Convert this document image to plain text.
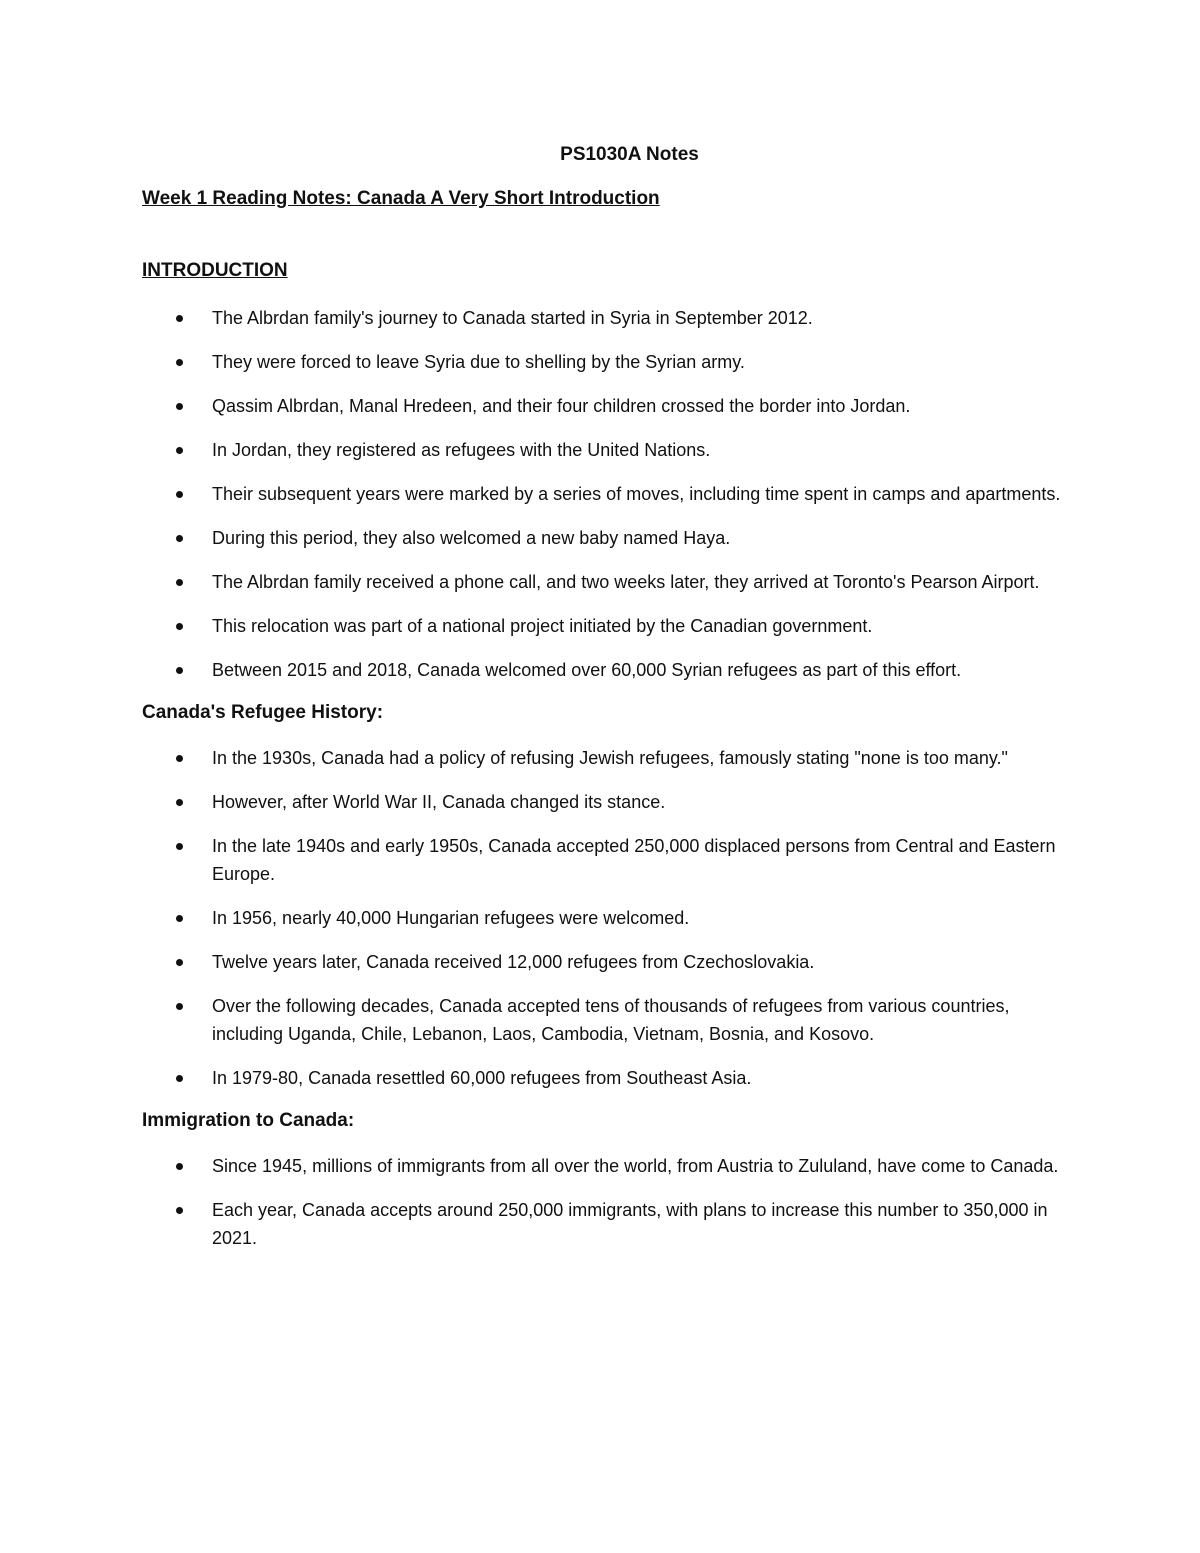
PS1030A Notes
Week 1 Reading Notes: Canada A Very Short Introduction
INTRODUCTION
The Albrdan family's journey to Canada started in Syria in September 2012.
They were forced to leave Syria due to shelling by the Syrian army.
Qassim Albrdan, Manal Hredeen, and their four children crossed the border into Jordan.
In Jordan, they registered as refugees with the United Nations.
Their subsequent years were marked by a series of moves, including time spent in camps and apartments.
During this period, they also welcomed a new baby named Haya.
The Albrdan family received a phone call, and two weeks later, they arrived at Toronto's Pearson Airport.
This relocation was part of a national project initiated by the Canadian government.
Between 2015 and 2018, Canada welcomed over 60,000 Syrian refugees as part of this effort.
Canada's Refugee History:
In the 1930s, Canada had a policy of refusing Jewish refugees, famously stating "none is too many."
However, after World War II, Canada changed its stance.
In the late 1940s and early 1950s, Canada accepted 250,000 displaced persons from Central and Eastern Europe.
In 1956, nearly 40,000 Hungarian refugees were welcomed.
Twelve years later, Canada received 12,000 refugees from Czechoslovakia.
Over the following decades, Canada accepted tens of thousands of refugees from various countries, including Uganda, Chile, Lebanon, Laos, Cambodia, Vietnam, Bosnia, and Kosovo.
In 1979-80, Canada resettled 60,000 refugees from Southeast Asia.
Immigration to Canada:
Since 1945, millions of immigrants from all over the world, from Austria to Zululand, have come to Canada.
Each year, Canada accepts around 250,000 immigrants, with plans to increase this number to 350,000 in 2021.
